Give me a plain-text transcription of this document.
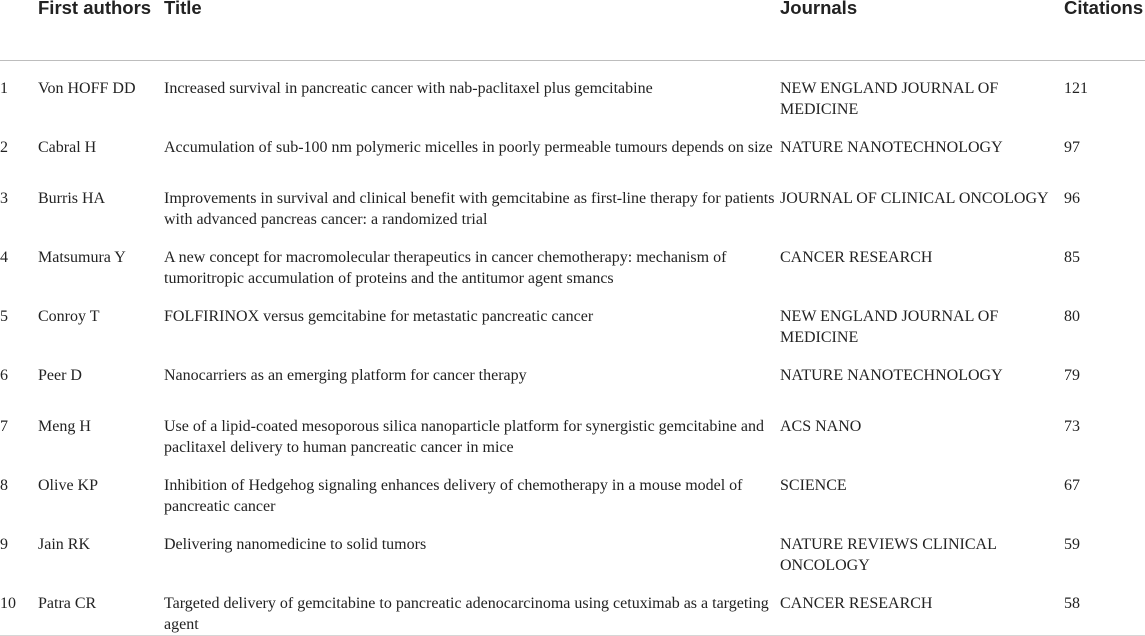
	First authors	Title	Journals	Citations

1	Von HOFF DD	Increased survival in pancreatic cancer with nab-paclitaxel plus gemcitabine	NEW ENGLAND JOURNAL OF MEDICINE	121

2	Cabral H	Accumulation of sub-100 nm polymeric micelles in poorly permeable tumours depends on size	NATURE NANOTECHNOLOGY	97

3	Burris HA	Improvements in survival and clinical benefit with gemcitabine as first-line therapy for patients with advanced pancreas cancer: a randomized trial	JOURNAL OF CLINICAL ONCOLOGY	96

4	Matsumura Y	A new concept for macromolecular therapeutics in cancer chemotherapy: mechanism of tumoritropic accumulation of proteins and the antitumor agent smancs	CANCER RESEARCH	85

5	Conroy T	FOLFIRINOX versus gemcitabine for metastatic pancreatic cancer	NEW ENGLAND JOURNAL OF MEDICINE	80

6	Peer D	Nanocarriers as an emerging platform for cancer therapy	NATURE NANOTECHNOLOGY	79

7	Meng H	Use of a lipid-coated mesoporous silica nanoparticle platform for synergistic gemcitabine and paclitaxel delivery to human pancreatic cancer in mice	ACS NANO	73

8	Olive KP	Inhibition of Hedgehog signaling enhances delivery of chemotherapy in a mouse model of pancreatic cancer	SCIENCE	67

9	Jain RK	Delivering nanomedicine to solid tumors	NATURE REVIEWS CLINICAL ONCOLOGY	59

10	Patra CR	Targeted delivery of gemcitabine to pancreatic adenocarcinoma using cetuximab as a targeting agent	CANCER RESEARCH	58
